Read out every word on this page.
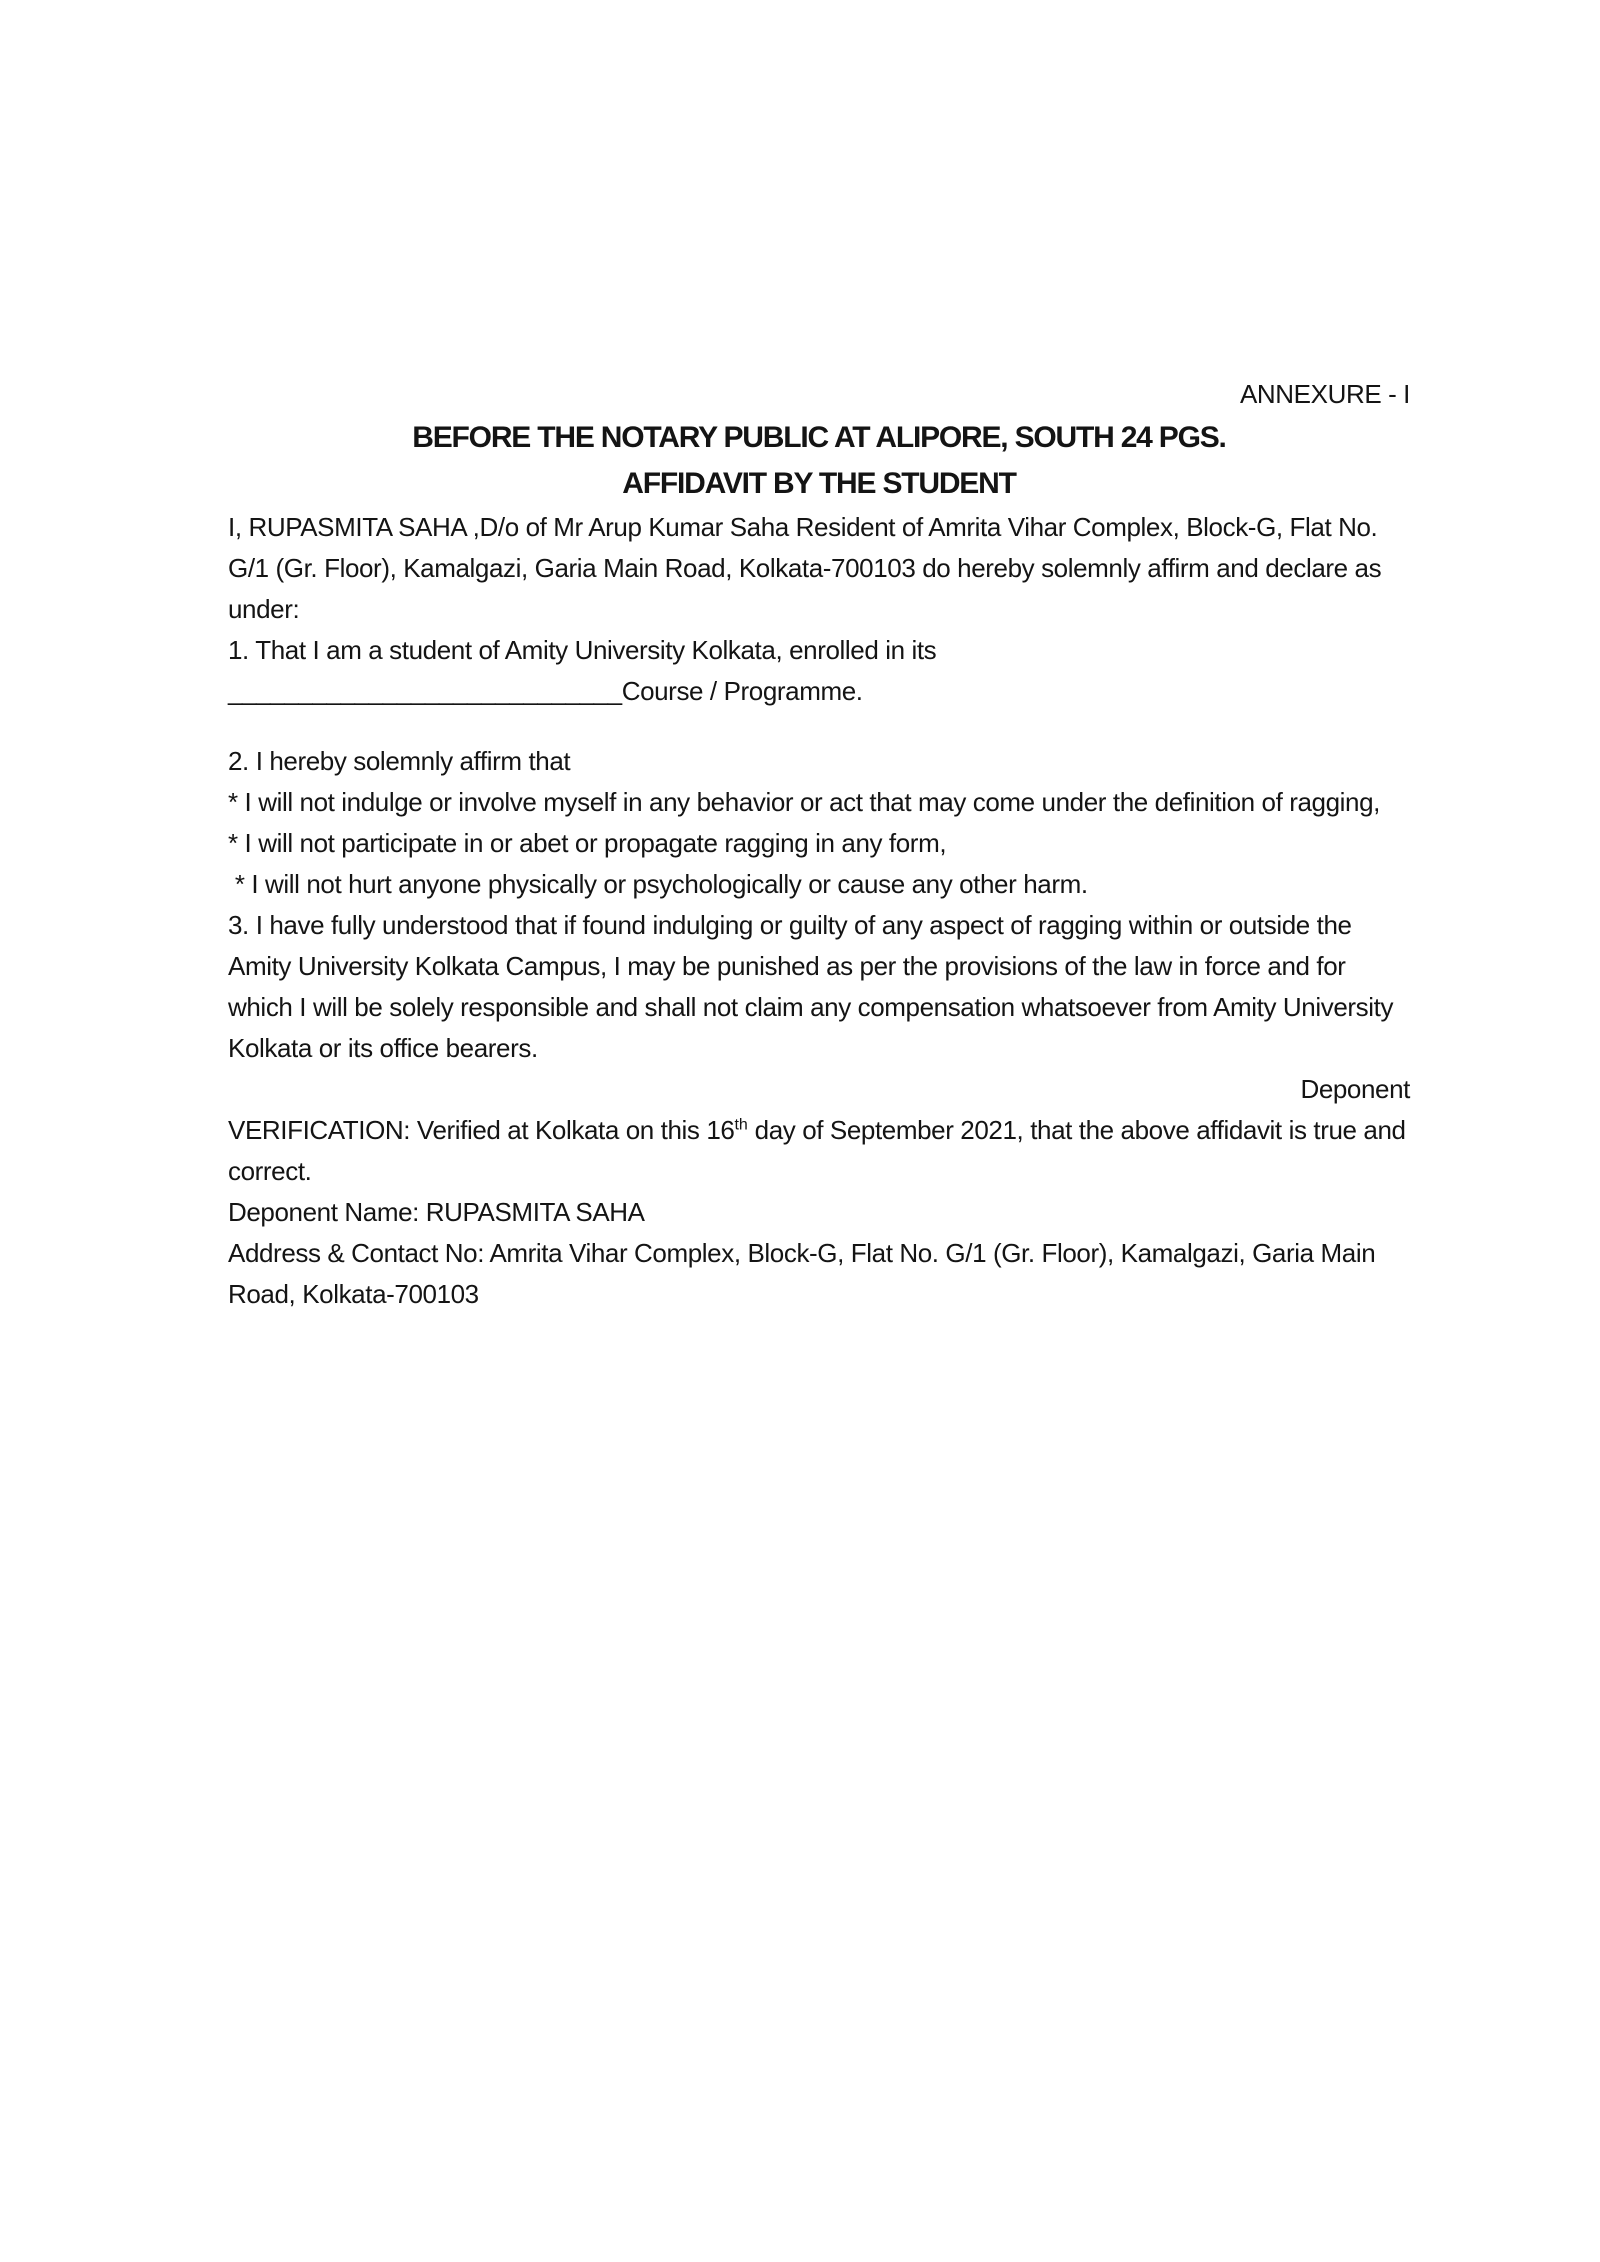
ANNEXURE - I

BEFORE THE NOTARY PUBLIC AT ALIPORE, SOUTH 24 PGS.

AFFIDAVIT BY THE STUDENT

I, RUPASMITA SAHA ,D/o of Mr Arup Kumar Saha Resident of Amrita Vihar Complex, Block-G, Flat No. G/1 (Gr. Floor), Kamalgazi, Garia Main Road, Kolkata-700103 do hereby solemnly affirm and declare as under:

1. That I am a student of Amity University Kolkata, enrolled in its
____________________________Course / Programme.

2. I hereby solemnly affirm that

* I will not indulge or involve myself in any behavior or act that may come under the definition of ragging,

* I will not participate in or abet or propagate ragging in any form,

* I will not hurt anyone physically or psychologically or cause any other harm.

3. I have fully understood that if found indulging or guilty of any aspect of ragging within or outside the Amity University Kolkata Campus, I may be punished as per the provisions of the law in force and for which I will be solely responsible and shall not claim any compensation whatsoever from Amity University Kolkata or its office bearers.

Deponent

VERIFICATION: Verified at Kolkata on this 16th day of September 2021, that the above affidavit is true and correct.

Deponent Name: RUPASMITA SAHA

Address & Contact No: Amrita Vihar Complex, Block-G, Flat No. G/1 (Gr. Floor), Kamalgazi, Garia Main Road, Kolkata-700103
